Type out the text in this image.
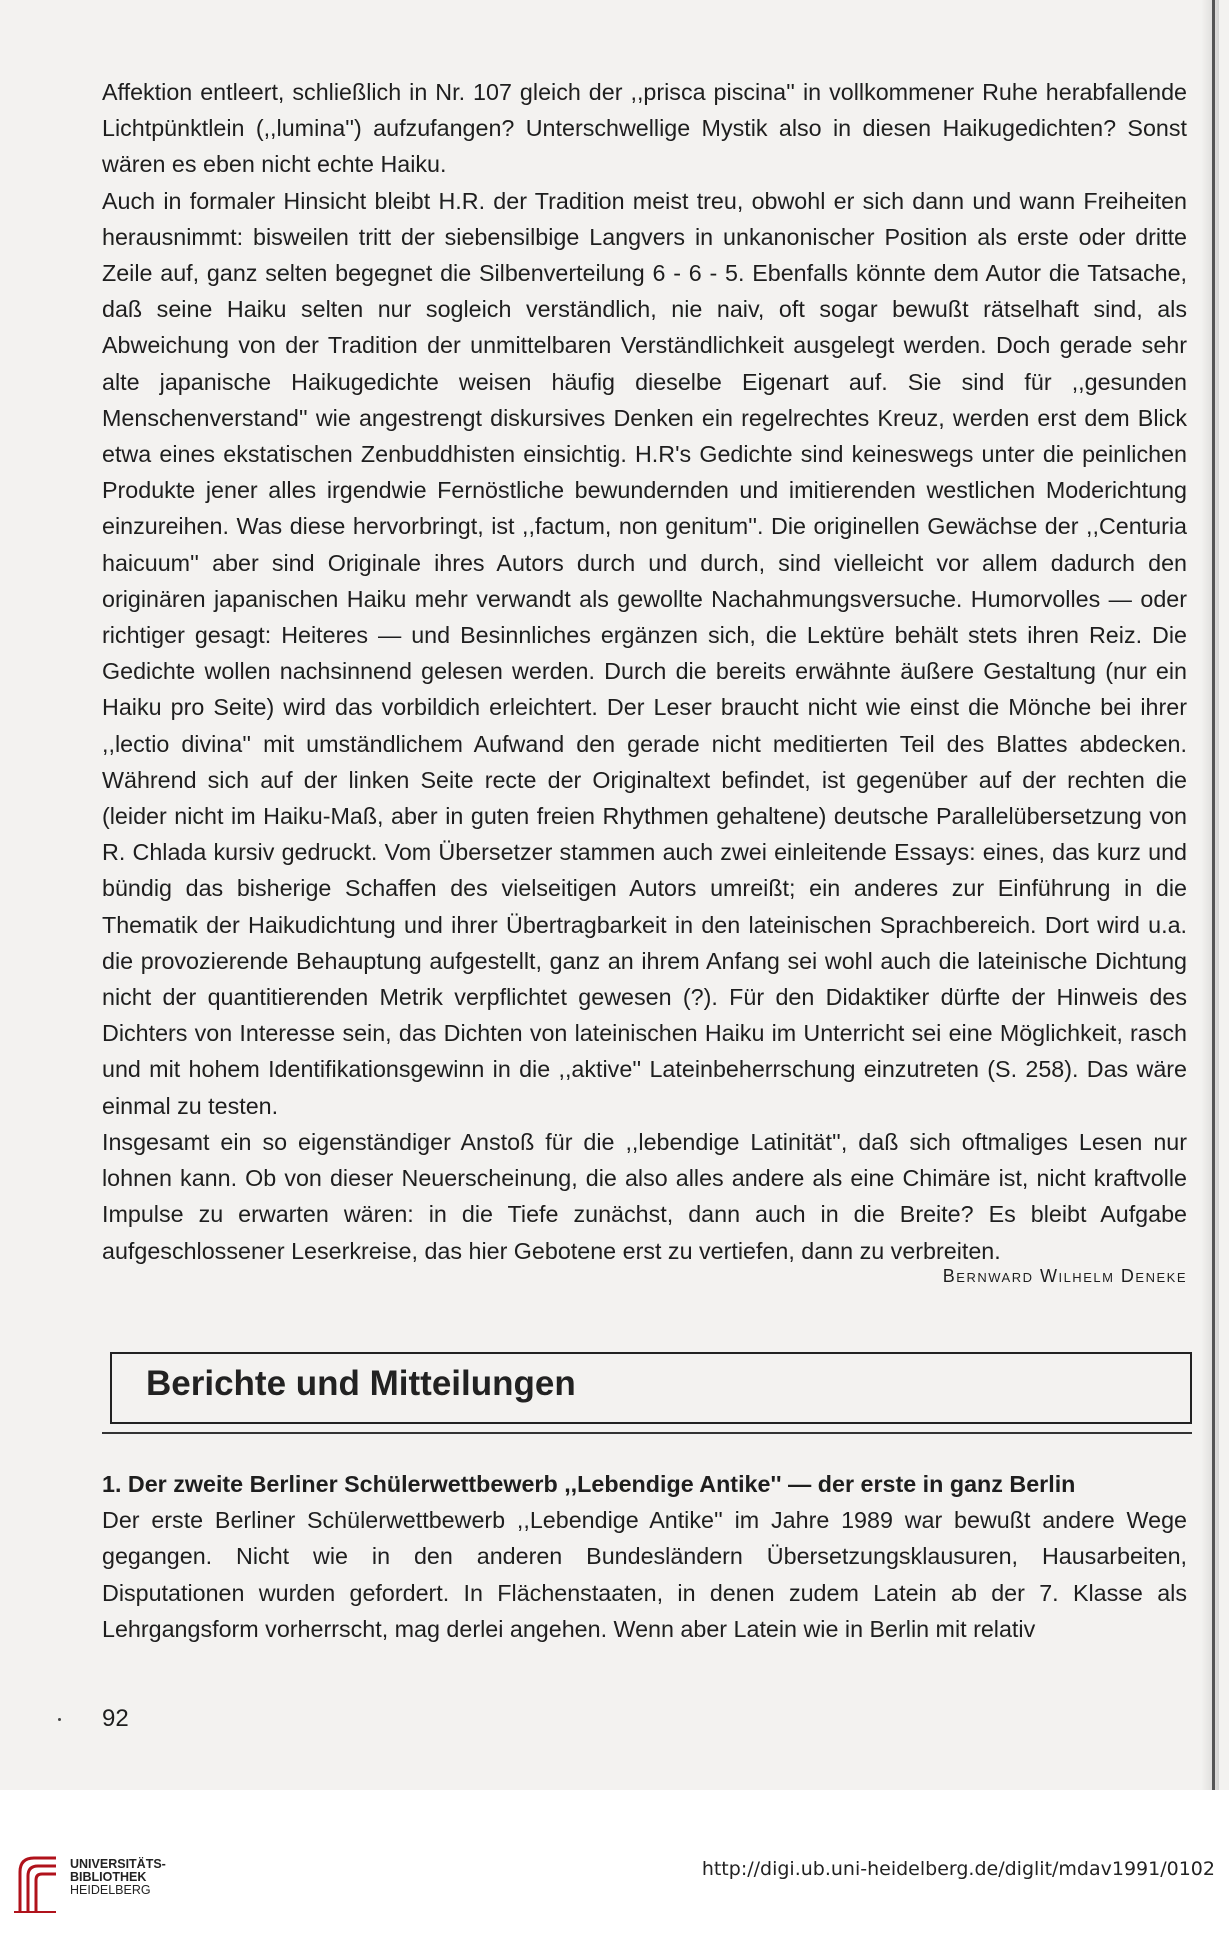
Affektion entleert, schließlich in Nr. 107 gleich der ,,prisca piscina'' in vollkommener Ruhe herabfallende Lichtpünktlein (,,lumina'') aufzufangen? Unterschwellige Mystik also in diesen Haikugedichten? Sonst wären es eben nicht echte Haiku.

Auch in formaler Hinsicht bleibt H.R. der Tradition meist treu, obwohl er sich dann und wann Freiheiten herausnimmt: bisweilen tritt der siebensilbige Langvers in unkanonischer Position als erste oder dritte Zeile auf, ganz selten begegnet die Silbenverteilung 6 - 6 - 5. Ebenfalls könnte dem Autor die Tatsache, daß seine Haiku selten nur sogleich verständlich, nie naiv, oft sogar bewußt rätselhaft sind, als Abweichung von der Tradition der unmittelbaren Verständlichkeit ausgelegt werden. Doch gerade sehr alte japanische Haikugedichte weisen häufig dieselbe Eigenart auf. Sie sind für ,,gesunden Menschenverstand'' wie angestrengt diskursives Denken ein regelrechtes Kreuz, werden erst dem Blick etwa eines ekstatischen Zenbuddhisten einsichtig. H.R's Gedichte sind keineswegs unter die peinlichen Produkte jener alles irgendwie Fernöstliche bewundernden und imitierenden westlichen Moderichtung einzureihen. Was diese hervorbringt, ist ,,factum, non genitum''. Die originellen Gewächse der ,,Centuria haicuum'' aber sind Originale ihres Autors durch und durch, sind vielleicht vor allem dadurch den originären japanischen Haiku mehr verwandt als gewollte Nachahmungsversuche. Humorvolles — oder richtiger gesagt: Heiteres — und Besinnliches ergänzen sich, die Lektüre behält stets ihren Reiz. Die Gedichte wollen nachsinnend gelesen werden. Durch die bereits erwähnte äußere Gestaltung (nur ein Haiku pro Seite) wird das vorbildich erleichtert. Der Leser braucht nicht wie einst die Mönche bei ihrer ,,lectio divina'' mit umständlichem Aufwand den gerade nicht meditierten Teil des Blattes abdecken. Während sich auf der linken Seite recte der Originaltext befindet, ist gegenüber auf der rechten die (leider nicht im Haiku-Maß, aber in guten freien Rhythmen gehaltene) deutsche Parallelübersetzung von R. Chlada kursiv gedruckt. Vom Übersetzer stammen auch zwei einleitende Essays: eines, das kurz und bündig das bisherige Schaffen des vielseitigen Autors umreißt; ein anderes zur Einführung in die Thematik der Haikudichtung und ihrer Übertragbarkeit in den lateinischen Sprachbereich. Dort wird u.a. die provozierende Behauptung aufgestellt, ganz an ihrem Anfang sei wohl auch die lateinische Dichtung nicht der quantitierenden Metrik verpflichtet gewesen (?). Für den Didaktiker dürfte der Hinweis des Dichters von Interesse sein, das Dichten von lateinischen Haiku im Unterricht sei eine Möglichkeit, rasch und mit hohem Identifikationsgewinn in die ,,aktive'' Lateinbeherrschung einzutreten (S. 258). Das wäre einmal zu testen.

Insgesamt ein so eigenständiger Anstoß für die ,,lebendige Latinität'', daß sich oftmaliges Lesen nur lohnen kann. Ob von dieser Neuerscheinung, die also alles andere als eine Chimäre ist, nicht kraftvolle Impulse zu erwarten wären: in die Tiefe zunächst, dann auch in die Breite? Es bleibt Aufgabe aufgeschlossener Leserkreise, das hier Gebotene erst zu vertiefen, dann zu verbreiten.

Bernward Wilhelm Deneke
Berichte und Mitteilungen
1. Der zweite Berliner Schülerwettbewerb ,,Lebendige Antike'' — der erste in ganz Berlin
Der erste Berliner Schülerwettbewerb ,,Lebendige Antike'' im Jahre 1989 war bewußt andere Wege gegangen. Nicht wie in den anderen Bundesländern Übersetzungsklausuren, Hausarbeiten, Disputationen wurden gefordert. In Flächenstaaten, in denen zudem Latein ab der 7. Klasse als Lehrgangsform vorherrscht, mag derlei angehen. Wenn aber Latein wie in Berlin mit relativ
92
UNIVERSITÄTS-
BIBLIOTHEK
HEIDELBERG
http://digi.ub.uni-heidelberg.de/diglit/mdav1991/0102
